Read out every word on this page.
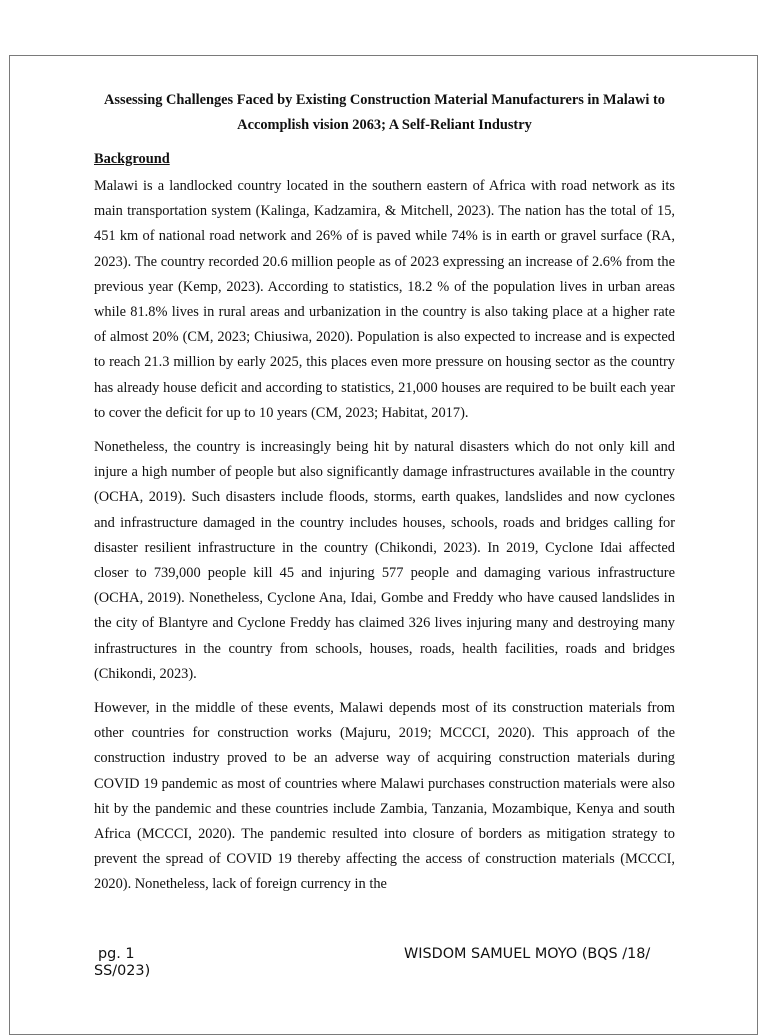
Assessing Challenges Faced by Existing Construction Material Manufacturers in Malawi to Accomplish vision 2063; A Self-Reliant Industry

Background

Malawi is a landlocked country located in the southern eastern of Africa with road network as its main transportation system (Kalinga, Kadzamira, & Mitchell, 2023). The nation has the total of 15, 451 km of national road network and 26% of is paved while 74% is in earth or gravel surface (RA, 2023). The country recorded 20.6 million people as of 2023 expressing an increase of 2.6% from the previous year (Kemp, 2023). According to statistics, 18.2 % of the population lives in urban areas while 81.8% lives in rural areas and urbanization in the country is also taking place at a higher rate of almost 20% (CM, 2023; Chiusiwa, 2020). Population is also expected to increase and is expected to reach 21.3 million by early 2025, this places even more pressure on housing sector as the country has already house deficit and according to statistics, 21,000 houses are required to be built each year to cover the deficit for up to 10 years (CM, 2023; Habitat, 2017).

Nonetheless, the country is increasingly being hit by natural disasters which do not only kill and injure a high number of people but also significantly damage infrastructures available in the country (OCHA, 2019). Such disasters include floods, storms, earth quakes, landslides and now cyclones and infrastructure damaged in the country includes houses, schools, roads and bridges calling for disaster resilient infrastructure in the country (Chikondi, 2023). In 2019, Cyclone Idai affected closer to 739,000 people kill 45 and injuring 577 people and damaging various infrastructure (OCHA, 2019). Nonetheless, Cyclone Ana, Idai, Gombe and Freddy who have caused landslides in the city of Blantyre and Cyclone Freddy has claimed 326 lives injuring many and destroying many infrastructures in the country from schools, houses, roads, health facilities, roads and bridges (Chikondi, 2023).

However, in the middle of these events, Malawi depends most of its construction materials from other countries for construction works (Majuru, 2019; MCCCI, 2020). This approach of the construction industry proved to be an adverse way of acquiring construction materials during COVID 19 pandemic as most of countries where Malawi purchases construction materials were also hit by the pandemic and these countries include Zambia, Tanzania, Mozambique, Kenya and south Africa (MCCCI, 2020). The pandemic resulted into closure of borders as mitigation strategy to prevent the spread of COVID 19 thereby affecting the access of construction materials (MCCCI, 2020). Nonetheless, lack of foreign currency in the

pg. 1	WISDOM SAMUEL MOYO (BQS /18/
SS/023)
